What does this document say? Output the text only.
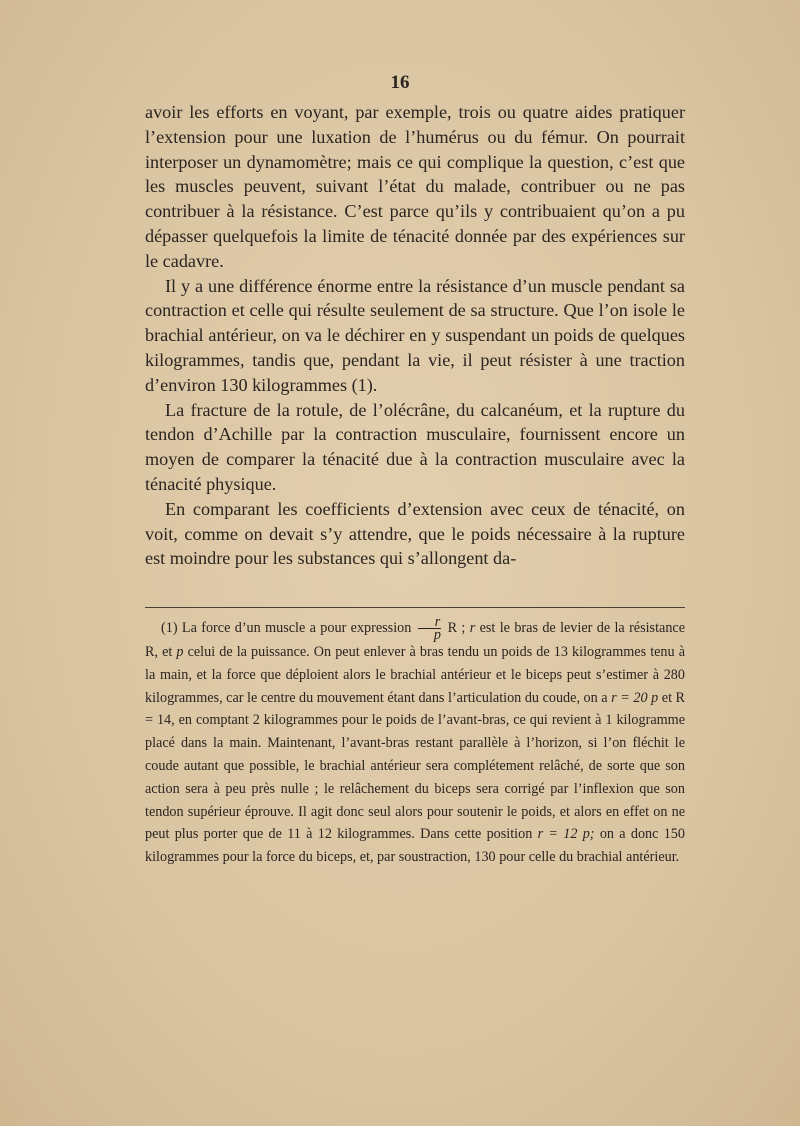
16

avoir les efforts en voyant, par exemple, trois ou quatre aides pratiquer l’extension pour une luxation de l’humérus ou du fémur. On pourrait interposer un dynamomètre; mais ce qui complique la question, c’est que les muscles peuvent, suivant l’état du malade, contribuer ou ne pas contribuer à la résistance. C’est parce qu’ils y contribuaient qu’on a pu dépasser quelquefois la limite de ténacité donnée par des expériences sur le cadavre.

Il y a une différence énorme entre la résistance d’un muscle pendant sa contraction et celle qui résulte seulement de sa structure. Que l’on isole le brachial antérieur, on va le déchirer en y suspendant un poids de quelques kilogrammes, tandis que, pendant la vie, il peut résister à une traction d’environ 130 kilogrammes (1).

La fracture de la rotule, de l’olécrâne, du calcanéum, et la rupture du tendon d’Achille par la contraction musculaire, fournissent encore un moyen de comparer la ténacité due à la contraction musculaire avec la ténacité physique.

En comparant les coefficients d’extension avec ceux de ténacité, on voit, comme on devait s’y attendre, que le poids nécessaire à la rupture est moindre pour les substances qui s’allongent da-

(1) La force d’un muscle a pour expression $\frac{r}{p}$ R ; r est le bras de levier de la résistance R, et p celui de la puissance. On peut enlever à bras tendu un poids de 13 kilogrammes tenu à la main, et la force que déploient alors le brachial antérieur et le biceps peut s’estimer à 280 kilogrammes, car le centre du mouvement étant dans l’articulation du coude, on a r = 20 p et R = 14, en comptant 2 kilogrammes pour le poids de l’avant-bras, ce qui revient à 1 kilogramme placé dans la main. Maintenant, l’avant-bras restant parallèle à l’horizon, si l’on fléchit le coude autant que possible, le brachial antérieur sera complétement relâché, de sorte que son action sera à peu près nulle ; le relâchement du biceps sera corrigé par l’inflexion que son tendon supérieur éprouve. Il agit donc seul alors pour soutenir le poids, et alors en effet on ne peut plus porter que de 11 à 12 kilogrammes. Dans cette position r = 12 p; on a donc 150 kilogrammes pour la force du biceps, et, par soustraction, 130 pour celle du brachial antérieur.
